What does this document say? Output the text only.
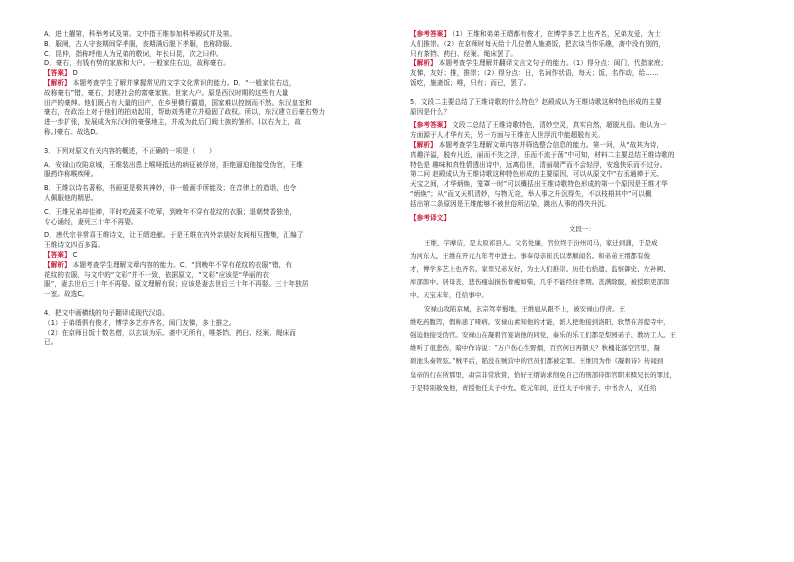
A．进士擢第，科举考试及第。文中指王维参加科举殿试并及第。

B．服阕，古人守丧期间穿孝服，丧期满后脱下孝服，也称除服。

C．昆仲，指称呼他人为兄弟的敬词，年长曰昆，次之曰仲。

D．豪右，有钱有势的家族和大户。一般家住右边，故称豪右。

【答案】 D

【解析】 本题考查学生了解并掌握常见的文学文化常识的能力。D．“一般家住右边，

故称豪右”错，豪右，封建社会的富豪家族、世家大户。原是西汉时期的这些有大量

田产的豪绅。他们既占有大量的田产，在乡里横行霸道，国家难以控制而不然。东汉皇室和

豪右，在政治上对于他们的拍劝起用，帮助刘秀建立并稳固了政权。所以，东汉建立后豪右势力

进一步扩张，发展成为东汉时的豪强地主，并成为此后门阀士族的雏形。(以右为上，故

称。)豪右。故选D。

3．下列对原文有关内容的概述，不正确的一项是（　　）

A．安禄山攻陷京城，王维装出患上喉哑抵达的病征被俘房，拒绝逼迫他接受伪官，王维

服药诈称喉疾哑。

B．王维以诗名著称，书画更是极其神妙，非一般画手所能及；在音律上的造诣，也令

人佩服他的精思。

C．王维兄弟却佳禅，平时吃蔬菜不吃荤，到晚年不穿有花纹的衣服；退朝焚香独坐，

专心诵经，妻死三十年不再娶。

D．唐代宗非常喜王维诗文，让王缙进献。于是王维在内外亲朋好友间相互搜集，汇编了

王维诗文四百多篇。

【答案】 C

【解析】 本题考查学生理解文章内容的能力。C．“到晚年不穿有花纹的衣服”错，有

花纹的衣服，与文中的“文彩”并不一致，依据原文，“文彩”应该是“华丽的衣

服”，妻去世后三十年不再娶。原文理解有误；应该是妻去世后三十年不再娶。三十年独居

一室。故选C。

4．把文中画横线的句子翻译成现代汉语。

（1）于弟缙俱有俊才，博学多艺亦齐名，闺门友悌，多士推之。

（2）在京师日饭十数名僧，以玄谈为乐。斋中无所有，唯茶铛、药臼、经案、绳床而

已。

【参考答案】 （1）王维和弟弟王缙都有俊才，在博学多艺上也齐名，兄弟友爱，为士

人们推崇。（2）在京师时每天给十几位僧人施斋饭，把玄谈当作乐趣，斋中没有别的，

只有茶铛、药臼、经案、绳床罢了。

【解析】 本题考查学生理解并翻译文言文句子的能力。（1）得分点：闺门，代指家庭；

友悌，友好；推，推崇；（2）得分点：日，名词作状语，每天；饭，名作动，给……

饭吃，施斋饭；唯，只有；而已，罢了。

5．文段二主要总结了王维诗歌的什么特色？赵殿成认为王维诗歌这种特色形成的主要

原因是什么？

【参考答案】 文段二总结了王维诗歌特色，清妙空灵，真实自然，超脱凡俗。他认为一

方面源于人才华有关，另一方面与王维在人世浮沉中能超脱有关。

【解析】 本题考查学生理解文章内容并筛选整合信息的能力。第一问，从“故其为诗，

真趣洋溢，脱弃凡近，丽而不失之浮，乐而不流于荡”中可知，材料二主要总结王维诗歌的

特色是 趣味和真性情透出诗中，远离俗世，清丽端严而不会轻浮，安逸快乐而不过分。

第二问 赵殿成认为王维诗歌这种特色形成的主要原因，可以从原文中“右丞通禅于元、

天宝之间，才华炳焕，笼罩一时”可以概括出王维诗歌特色形成的第一个原因是王维才华

“炳焕”；从“而又天机清妙，与物无竞，举人事之升沉得失，不以枝梧其中”可以概

括出第二条原因是王维能够不被世俗所沾染，跳出人事的得失升沉。

【参考译文】

文段一：

王维，字摩诘，是太原祁县人。父名处廉，官位终于汾州司马，家迁到蒲，于是成

为河东人。王维在开元九年考中进士。事奉母亲崔氏以孝顺闻名。和弟弟王缙都有俊

才，博学多艺上也齐名。家里兄弟友好，为士人们推崇。历任右拾遗、监察御史、左补阙、

库部郎中。居母丧，悲伤瘦弱损伤骨瘦如柴，几乎不能经住孝期。丧满除服，被授职吏部郎

中。天宝末年，任给事中。

安禄山攻陷京城，玄宗驾幸蜀地，王维扈从跟不上，被安禄山俘虏。王

维吃药腹泻，假称患了哑病。安禄山素知他的才能，派人把他接到洛阳，软禁在菩提寺中，

强迫他接受伪官。安禄山在凝碧宫宴请他的同党，奏乐的乐工们都是梨园弟子、教坊工人。王

维听了很悲伤，暗中作诗说：“万户伤心生野烟，百官何日再朝天？秋槐花落空宫里，凝

碧池头奏管弦。”贼平后，陷没在贼营中的官员们都被定罪。王维因为作《凝碧诗》传闻到

皇帝的行在所那里，肃宗非常欣赏，恰好王缙请求削免自己的刑部侍郎官职来赎兄长的罪过，

于是特别赦免他，责授他任太子中允。乾元年间，迁任太子中庶子、中书舍人，又任给
